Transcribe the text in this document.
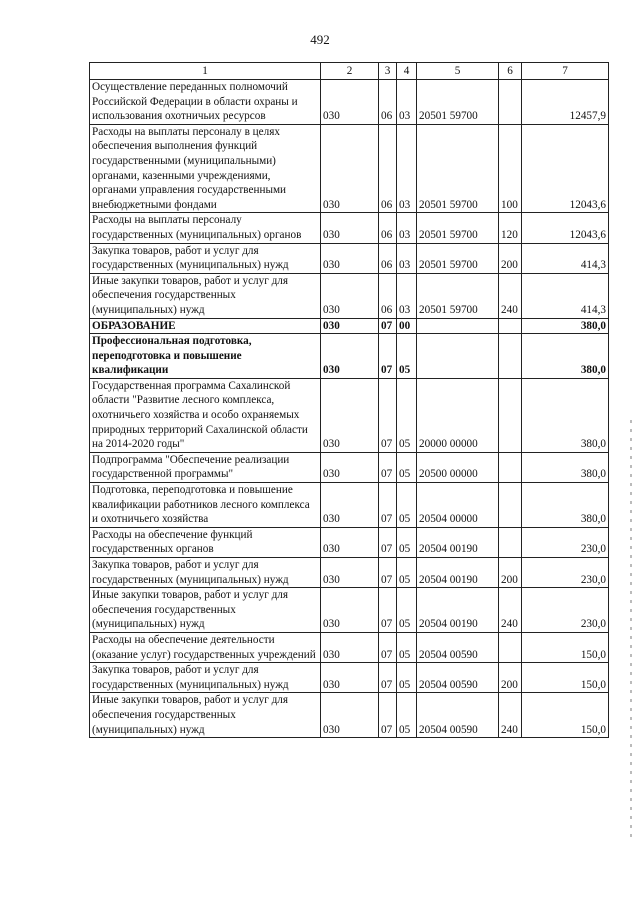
492
1	2	3	4	5	6	7
Осуществление переданных полномочий Российской Федерации в области охраны и использования охотничьих ресурсов	030	06	03	20501 59700		12457,9
Расходы на выплаты персоналу в целях обеспечения выполнения функций государственными (муниципальными) органами, казенными учреждениями, органами управления государственными внебюджетными фондами	030	06	03	20501 59700	100	12043,6
Расходы на выплаты персоналу государственных (муниципальных) органов	030	06	03	20501 59700	120	12043,6
Закупка товаров, работ и услуг для государственных (муниципальных) нужд	030	06	03	20501 59700	200	414,3
Иные закупки товаров, работ и услуг для обеспечения государственных (муниципальных) нужд	030	06	03	20501 59700	240	414,3
ОБРАЗОВАНИЕ	030	07	00			380,0
Профессиональная подготовка, переподготовка и повышение квалификации	030	07	05			380,0
Государственная программа Сахалинской области "Развитие лесного комплекса, охотничьего хозяйства и особо охраняемых природных территорий Сахалинской области на 2014-2020 годы"	030	07	05	20000 00000		380,0
Подпрограмма "Обеспечение реализации государственной программы"	030	07	05	20500 00000		380,0
Подготовка, переподготовка и повышение квалификации работников лесного комплекса и охотничьего хозяйства	030	07	05	20504 00000		380,0
Расходы на обеспечение функций государственных органов	030	07	05	20504 00190		230,0
Закупка товаров, работ и услуг для государственных (муниципальных) нужд	030	07	05	20504 00190	200	230,0
Иные закупки товаров, работ и услуг для обеспечения государственных (муниципальных) нужд	030	07	05	20504 00190	240	230,0
Расходы на обеспечение деятельности (оказание услуг) государственных учреждений	030	07	05	20504 00590		150,0
Закупка товаров, работ и услуг для государственных (муниципальных) нужд	030	07	05	20504 00590	200	150,0
Иные закупки товаров, работ и услуг для обеспечения государственных (муниципальных) нужд	030	07	05	20504 00590	240	150,0
